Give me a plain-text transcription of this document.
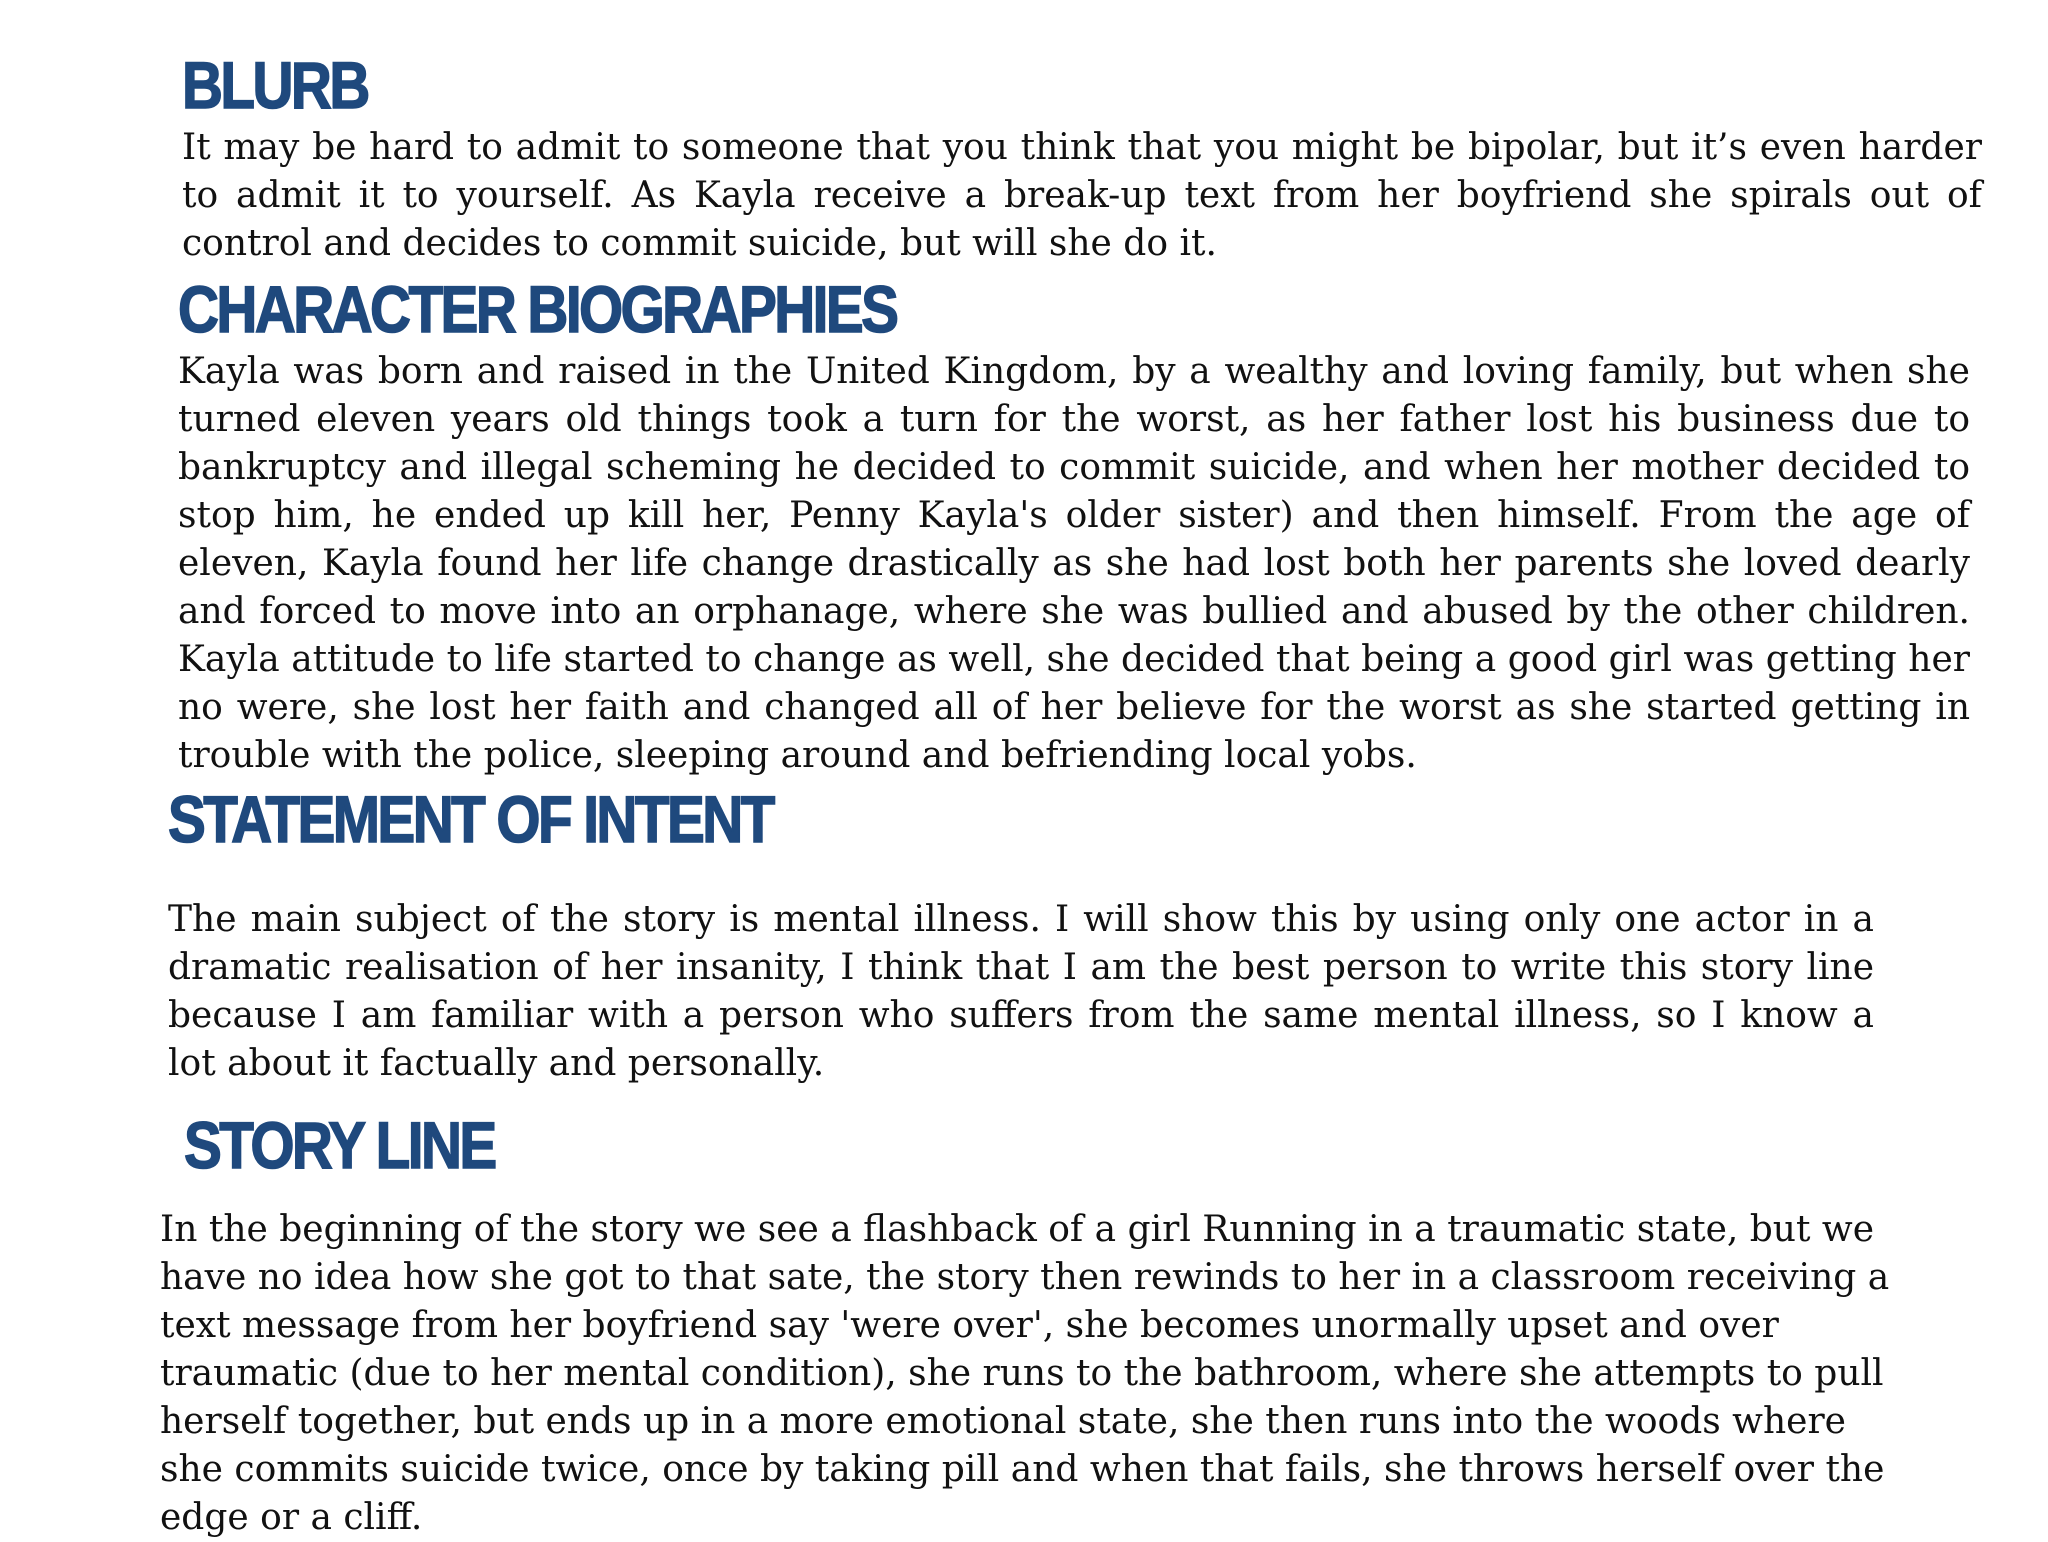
BLURB

It may be hard to admit to someone that you think that you might be bipolar, but it’s even harder to admit it to yourself. As Kayla receive a break-up text from her boyfriend she spirals out of control and decides to commit suicide, but will she do it.

CHARACTER BIOGRAPHIES

Kayla was born and raised in the United Kingdom, by a wealthy and loving family, but when she turned eleven years old things took a turn for the worst, as her father lost his business due to bankruptcy and illegal scheming he decided to commit suicide, and when her mother decided to stop him, he ended up kill her, Penny Kayla's older sister) and then himself. From the age of eleven, Kayla found her life change drastically as she had lost both her parents she loved dearly and forced to move into an orphanage, where she was bullied and abused by the other children. Kayla attitude to life started to change as well, she decided that being a good girl was getting her no were, she lost her faith and changed all of her believe for the worst as she started getting in trouble with the police, sleeping around and befriending local yobs.

STATEMENT OF INTENT

The main subject of the story is mental illness. I will show this by using only one actor in a dramatic realisation of her insanity, I think that I am the best person to write this story line because I am familiar with a person who suffers from the same mental illness, so I know a lot about it factually and personally.

STORY LINE

In the beginning of the story we see a flashback of a girl Running in a traumatic state, but we have no idea how she got to that sate, the story then rewinds to her in a classroom receiving a text message from her boyfriend say 'were over', she becomes unormally upset and over traumatic (due to her mental condition), she runs to the bathroom, where she attempts to pull herself together, but ends up in a more emotional state, she then runs into the woods where she commits suicide twice, once by taking pill and when that fails, she throws herself over the edge or a cliff.
